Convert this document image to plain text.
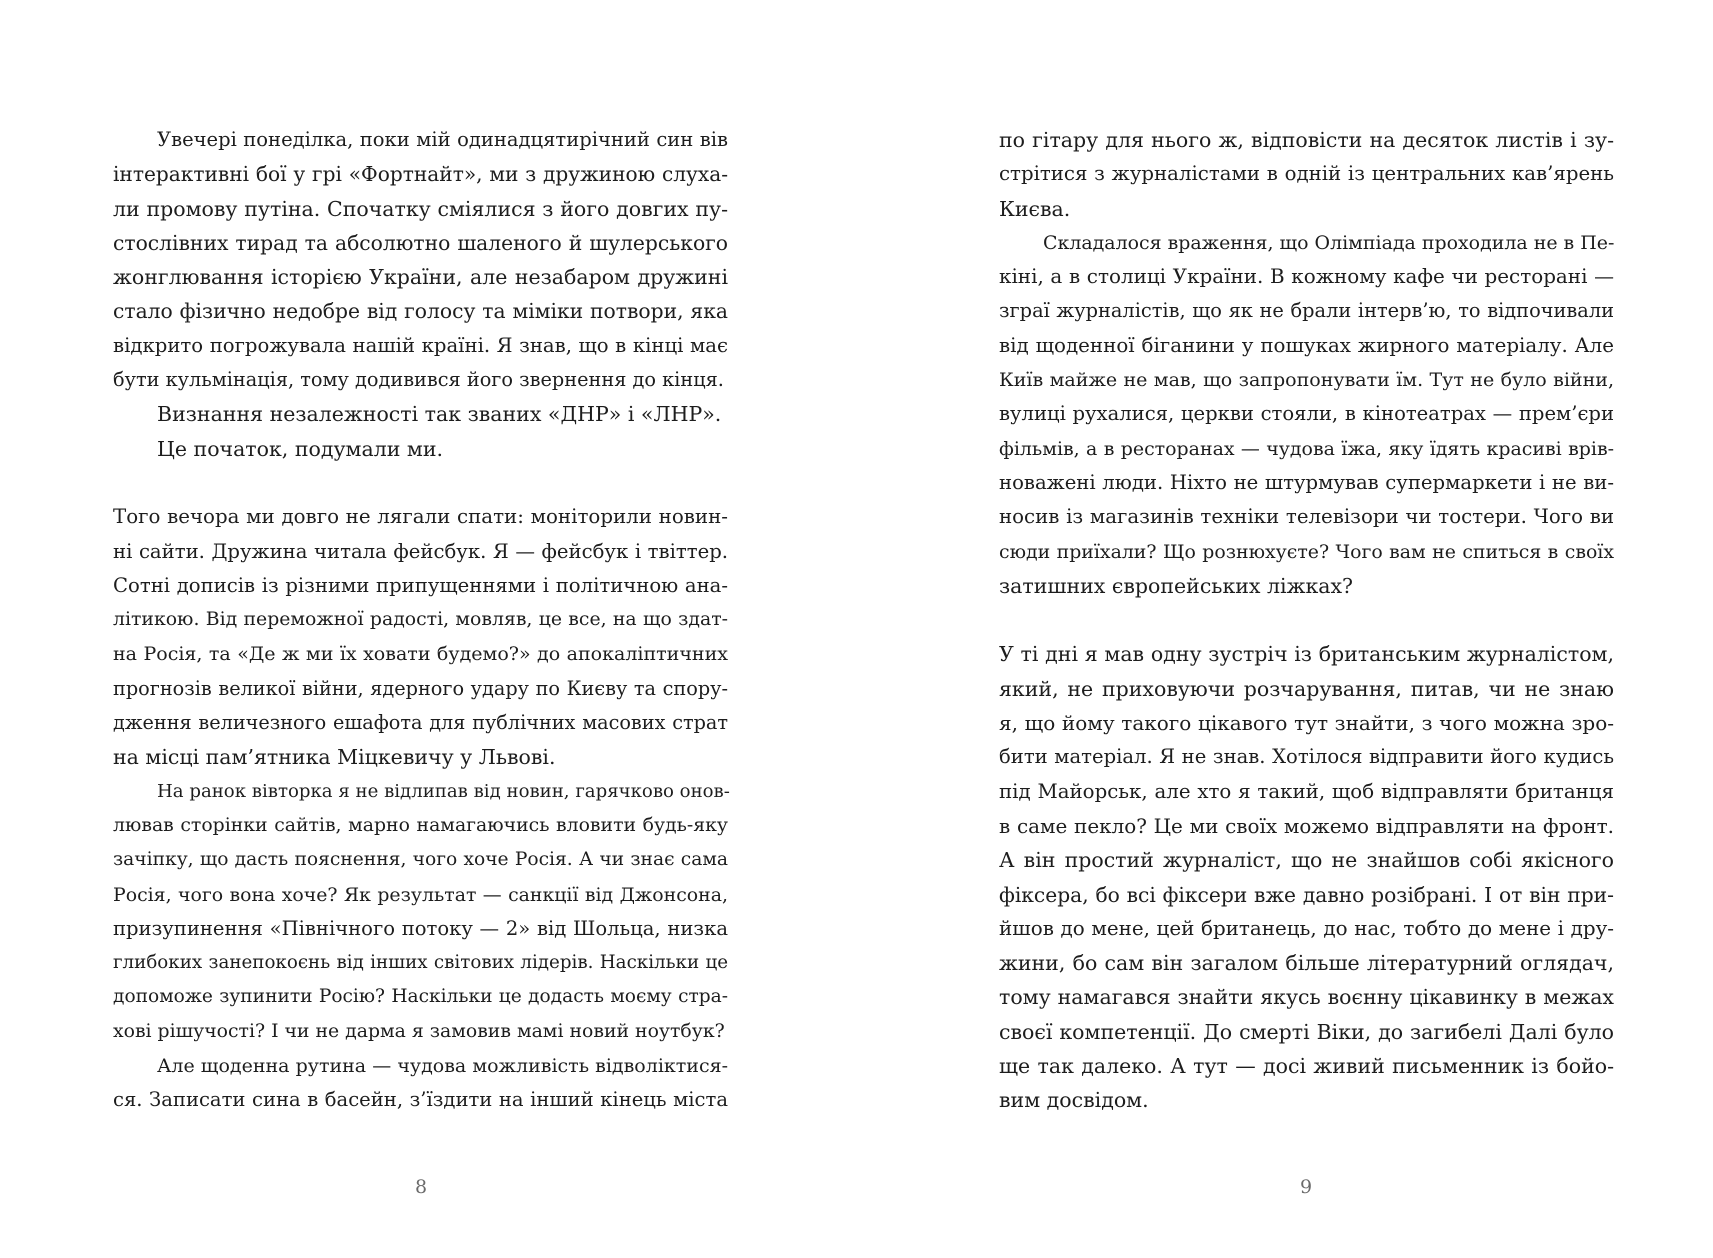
Увечері понеділка, поки мій одинадцятирічний син вів
інтерактивні бої у грі «Фортнайт», ми з дружиною слуха-
ли промову путіна. Спочатку сміялися з його довгих пу-
стослівних тирад та абсолютно шаленого й шулерського
жонглювання історією України, але незабаром дружині
стало фізично недобре від голосу та міміки потвори, яка
відкрито погрожувала нашій країні. Я знав, що в кінці має
бути кульмінація, тому додивився його звернення до кінця.
Визнання незалежності так званих «ДНР» і «ЛНР».
Це початок, подумали ми.
Того вечора ми довго не лягали спати: моніторили новин-
ні сайти. Дружина читала фейсбук. Я — фейсбук і твіттер.
Сотні дописів із різними припущеннями і політичною ана-
літикою. Від переможної радості, мовляв, це все, на що здат-
на Росія, та «Де ж ми їх ховати будемо?» до апокаліптичних
прогнозів великої війни, ядерного удару по Києву та спору-
дження величезного ешафота для публічних масових страт
на місці пам’ятника Міцкевичу у Львові.
На ранок вівторка я не відлипав від новин, гарячково онов-
лював сторінки сайтів, марно намагаючись вловити будь-яку
зачіпку, що дасть пояснення, чого хоче Росія. А чи знає сама
Росія, чого вона хоче? Як результат — санкції від Джонсона,
призупинення «Північного потоку — 2» від Шольца, низка
глибоких занепокоєнь від інших світових лідерів. Наскільки це
допоможе зупинити Росію? Наскільки це додасть моєму стра-
хові рішучості? І чи не дарма я замовив мамі новий ноутбук?
Але щоденна рутина — чудова можливість відволіктися-
ся. Записати сина в басейн, з’їздити на інший кінець міста
8
по гітару для нього ж, відповісти на десяток листів і зу-
стрітися з журналістами в одній із центральних кав’ярень
Києва.
Складалося враження, що Олімпіада проходила не в Пе-
кіні, а в столиці України. В кожному кафе чи ресторані —
зграї журналістів, що як не брали інтерв’ю, то відпочивали
від щоденної біганини у пошуках жирного матеріалу. Але
Київ майже не мав, що запропонувати їм. Тут не було війни,
вулиці рухалися, церкви стояли, в кінотеатрах — прем’єри
фільмів, а в ресторанах — чудова їжа, яку їдять красиві врів-
новажені люди. Ніхто не штурмував супермаркети і не ви-
носив із магазинів техніки телевізори чи тостери. Чого ви
сюди приїхали? Що рознюхуєте? Чого вам не спиться в своїх
затишних європейських ліжках?
У ті дні я мав одну зустріч із британським журналістом,
який, не приховуючи розчарування, питав, чи не знаю
я, що йому такого цікавого тут знайти, з чого можна зро-
бити матеріал. Я не знав. Хотілося відправити його кудись
під Майорськ, але хто я такий, щоб відправляти британця
в саме пекло? Це ми своїх можемо відправляти на фронт.
А він простий журналіст, що не знайшов собі якісного
фіксера, бо всі фіксери вже давно розібрані. І от він при-
йшов до мене, цей британець, до нас, тобто до мене і дру-
жини, бо сам він загалом більше літературний оглядач,
тому намагався знайти якусь воєнну цікавинку в межах
своєї компетенції. До смерті Віки, до загибелі Далі було
ще так далеко. А тут — досі живий письменник із бойо-
вим досвідом.
9
